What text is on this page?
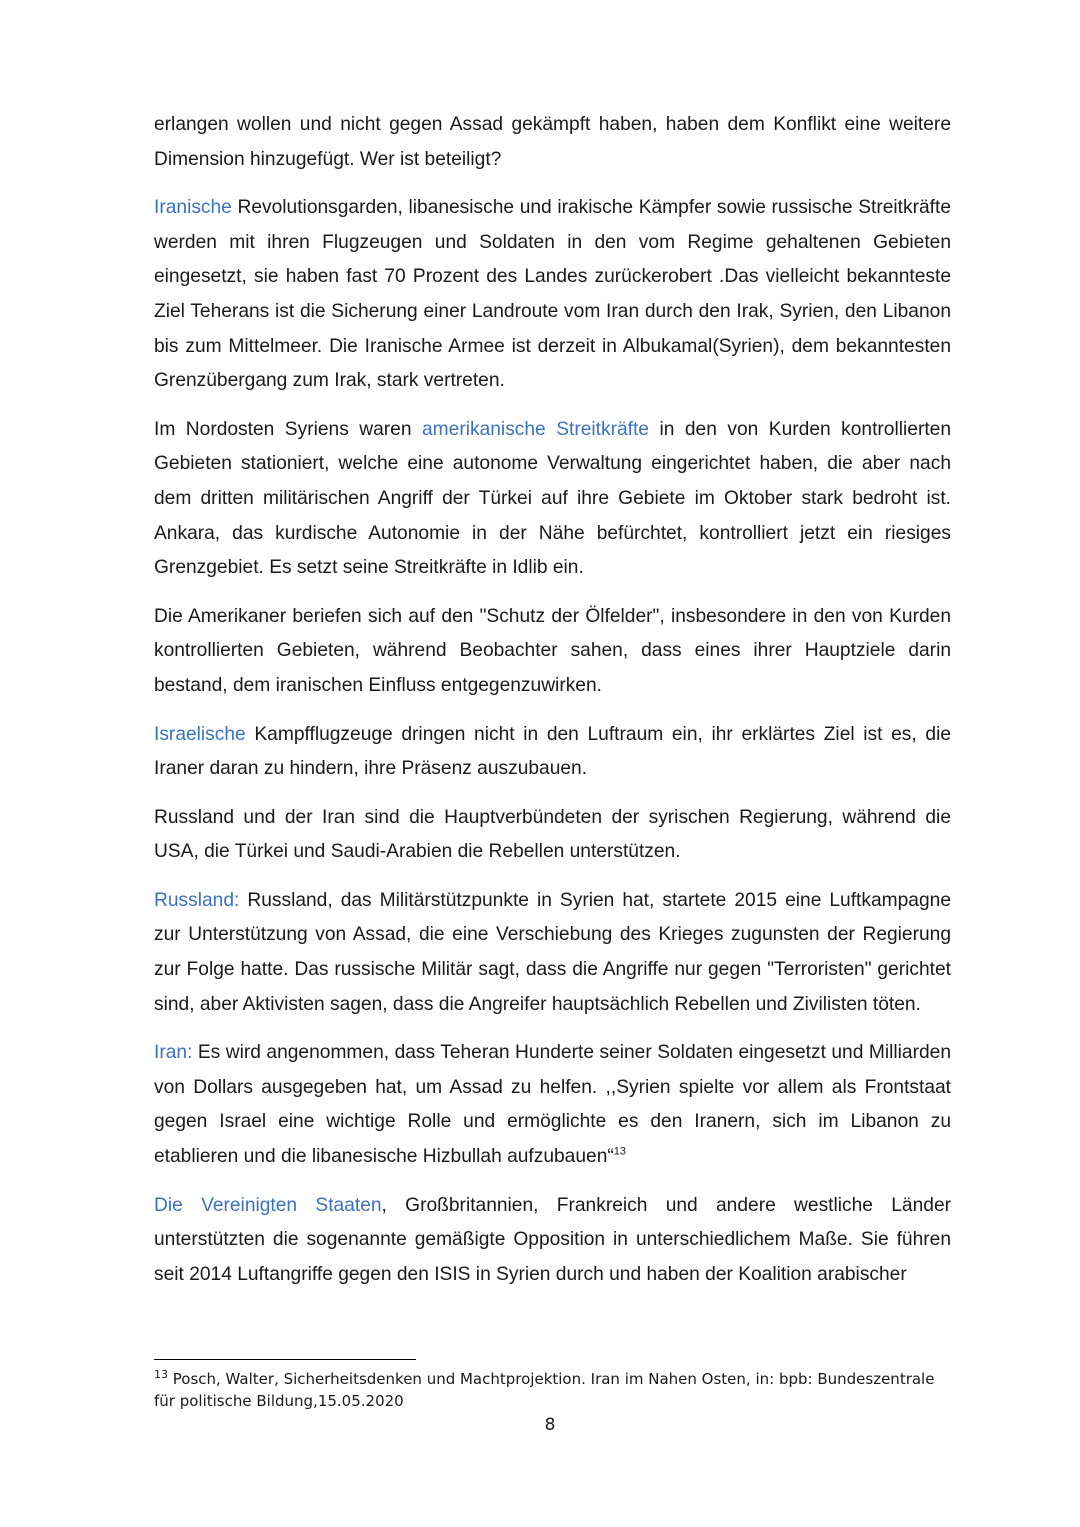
erlangen wollen und nicht gegen Assad gekämpft haben, haben dem Konflikt eine weitere Dimension hinzugefügt. Wer ist beteiligt?

Iranische Revolutionsgarden, libanesische und irakische Kämpfer sowie russische Streitkräfte werden mit ihren Flugzeugen und Soldaten in den vom Regime gehaltenen Gebieten eingesetzt, sie haben fast 70 Prozent des Landes zurückerobert .Das vielleicht bekannteste Ziel Teherans ist die Sicherung einer Landroute vom Iran durch den Irak, Syrien, den Libanon bis zum Mittelmeer. Die Iranische Armee ist derzeit in Albukamal(Syrien), dem bekanntesten Grenzübergang zum Irak, stark vertreten.

Im Nordosten Syriens waren amerikanische Streitkräfte in den von Kurden kontrollierten Gebieten stationiert, welche eine autonome Verwaltung eingerichtet haben, die aber nach dem dritten militärischen Angriff der Türkei auf ihre Gebiete im Oktober stark bedroht ist. Ankara, das kurdische Autonomie in der Nähe befürchtet, kontrolliert jetzt ein riesiges Grenzgebiet. Es setzt seine Streitkräfte in Idlib ein.

Die Amerikaner beriefen sich auf den "Schutz der Ölfelder", insbesondere in den von Kurden kontrollierten Gebieten, während Beobachter sahen, dass eines ihrer Hauptziele darin bestand, dem iranischen Einfluss entgegenzuwirken.

Israelische Kampfflugzeuge dringen nicht in den Luftraum ein, ihr erklärtes Ziel ist es, die Iraner daran zu hindern, ihre Präsenz auszubauen.

Russland und der Iran sind die Hauptverbündeten der syrischen Regierung, während die USA, die Türkei und Saudi-Arabien die Rebellen unterstützen.

Russland: Russland, das Militärstützpunkte in Syrien hat, startete 2015 eine Luftkampagne zur Unterstützung von Assad, die eine Verschiebung des Krieges zugunsten der Regierung zur Folge hatte. Das russische Militär sagt, dass die Angriffe nur gegen "Terroristen" gerichtet sind, aber Aktivisten sagen, dass die Angreifer hauptsächlich Rebellen und Zivilisten töten.

Iran: Es wird angenommen, dass Teheran Hunderte seiner Soldaten eingesetzt und Milliarden von Dollars ausgegeben hat, um Assad zu helfen. ,,Syrien spielte vor allem als Frontstaat gegen Israel eine wichtige Rolle und ermöglichte es den Iranern, sich im Libanon zu etablieren und die libanesische Hizbullah aufzubauen“$^{13}$

Die Vereinigten Staaten, Großbritannien, Frankreich und andere westliche Länder unterstützten die sogenannte gemäßigte Opposition in unterschiedlichem Maße. Sie führen seit 2014 Luftangriffe gegen den ISIS in Syrien durch und haben der Koalition arabischer

$^{13}$ Posch, Walter, Sicherheitsdenken und Machtprojektion. Iran im Nahen Osten, in: bpb: Bundeszentrale für politische Bildung,15.05.2020
8
